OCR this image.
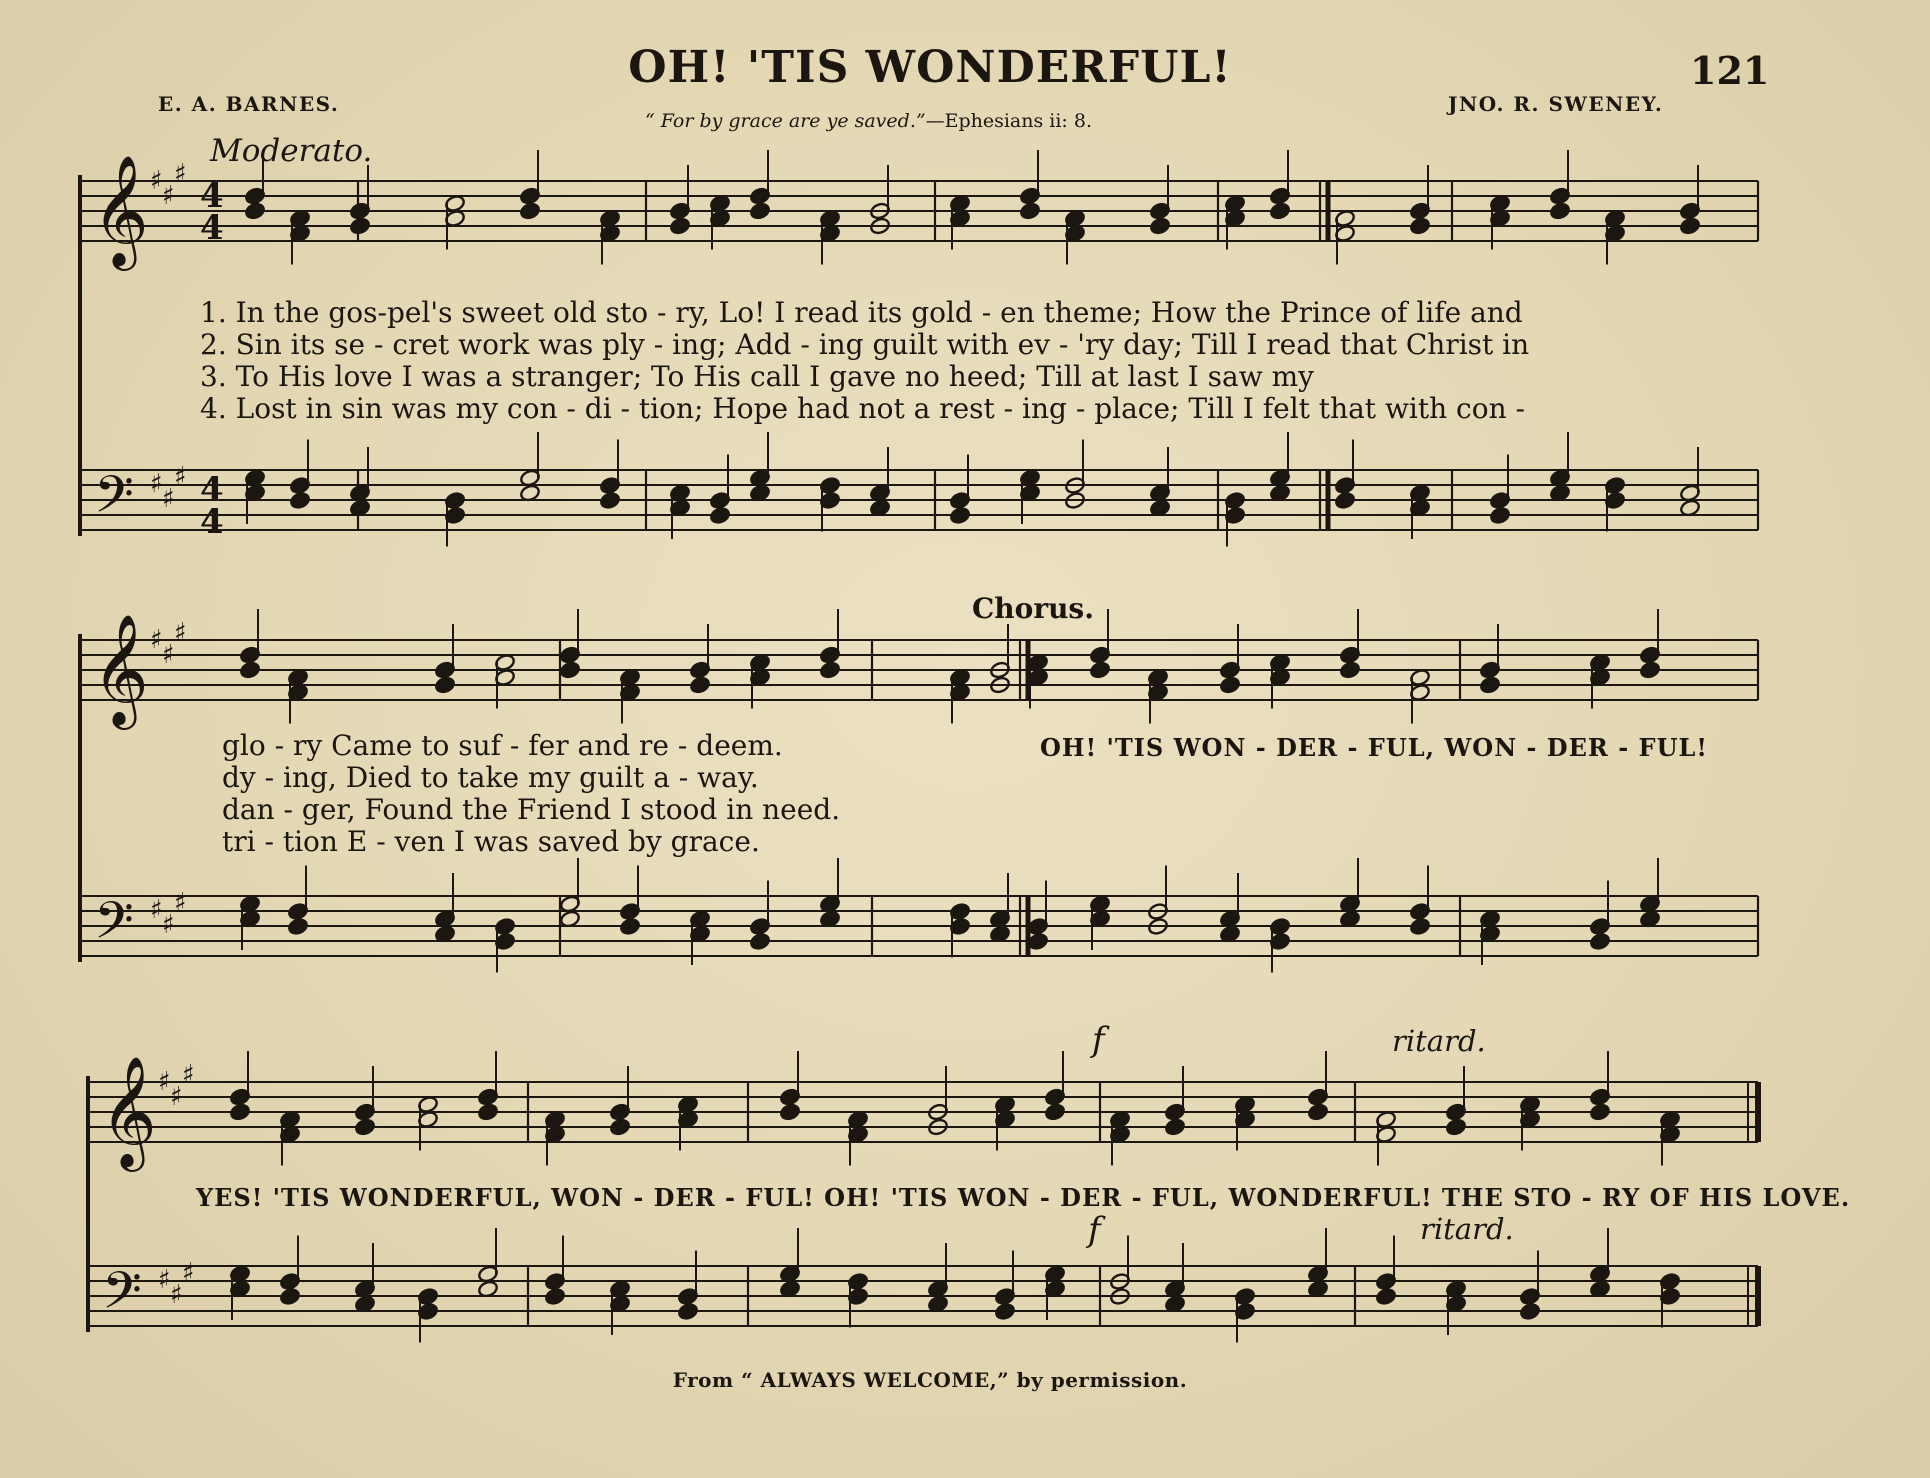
OH! 'TIS WONDERFUL!	121
E. A. BARNES.	JNO. R. SWENEY.
“ For by grace are ye saved.”—Ephesians ii: 8.
𝄞
𝄢
♯ ♯
♯
♯ ♯
♯
𝄞
𝄢
♯ ♯
♯
♯ ♯
♯
𝄞
𝄢
♯ ♯
♯
♯ ♯
♯
Moderato.
1. In the gos-pel's sweet old sto - ry, Lo! I read its gold - en theme; How the Prince of life and
2. Sin its se - cret work was ply - ing; Add - ing guilt with ev - 'ry day; Till I read that Christ in
3. To His love I was a stranger; To His call I gave no heed; Till at last I saw my
4. Lost in sin was my con - di - tion; Hope had not a rest - ing - place; Till I felt that with con -
Chorus.
glo - ry Came to suf - fer and re - deem.
dy - ing, Died to take my guilt a - way.
dan - ger, Found the Friend I stood in need.
tri - tion E - ven I was saved by grace.
OH! 'TIS WON - DER - FUL, WON - DER - FUL!
YES! 'TIS WONDERFUL, WON - DER - FUL! OH! 'TIS WON - DER - FUL, WONDERFUL! THE STO - RY OF HIS LOVE.
f	ritard.
f	ritard.
4
4
4
4
From “ ALWAYS WELCOME,” by permission.
